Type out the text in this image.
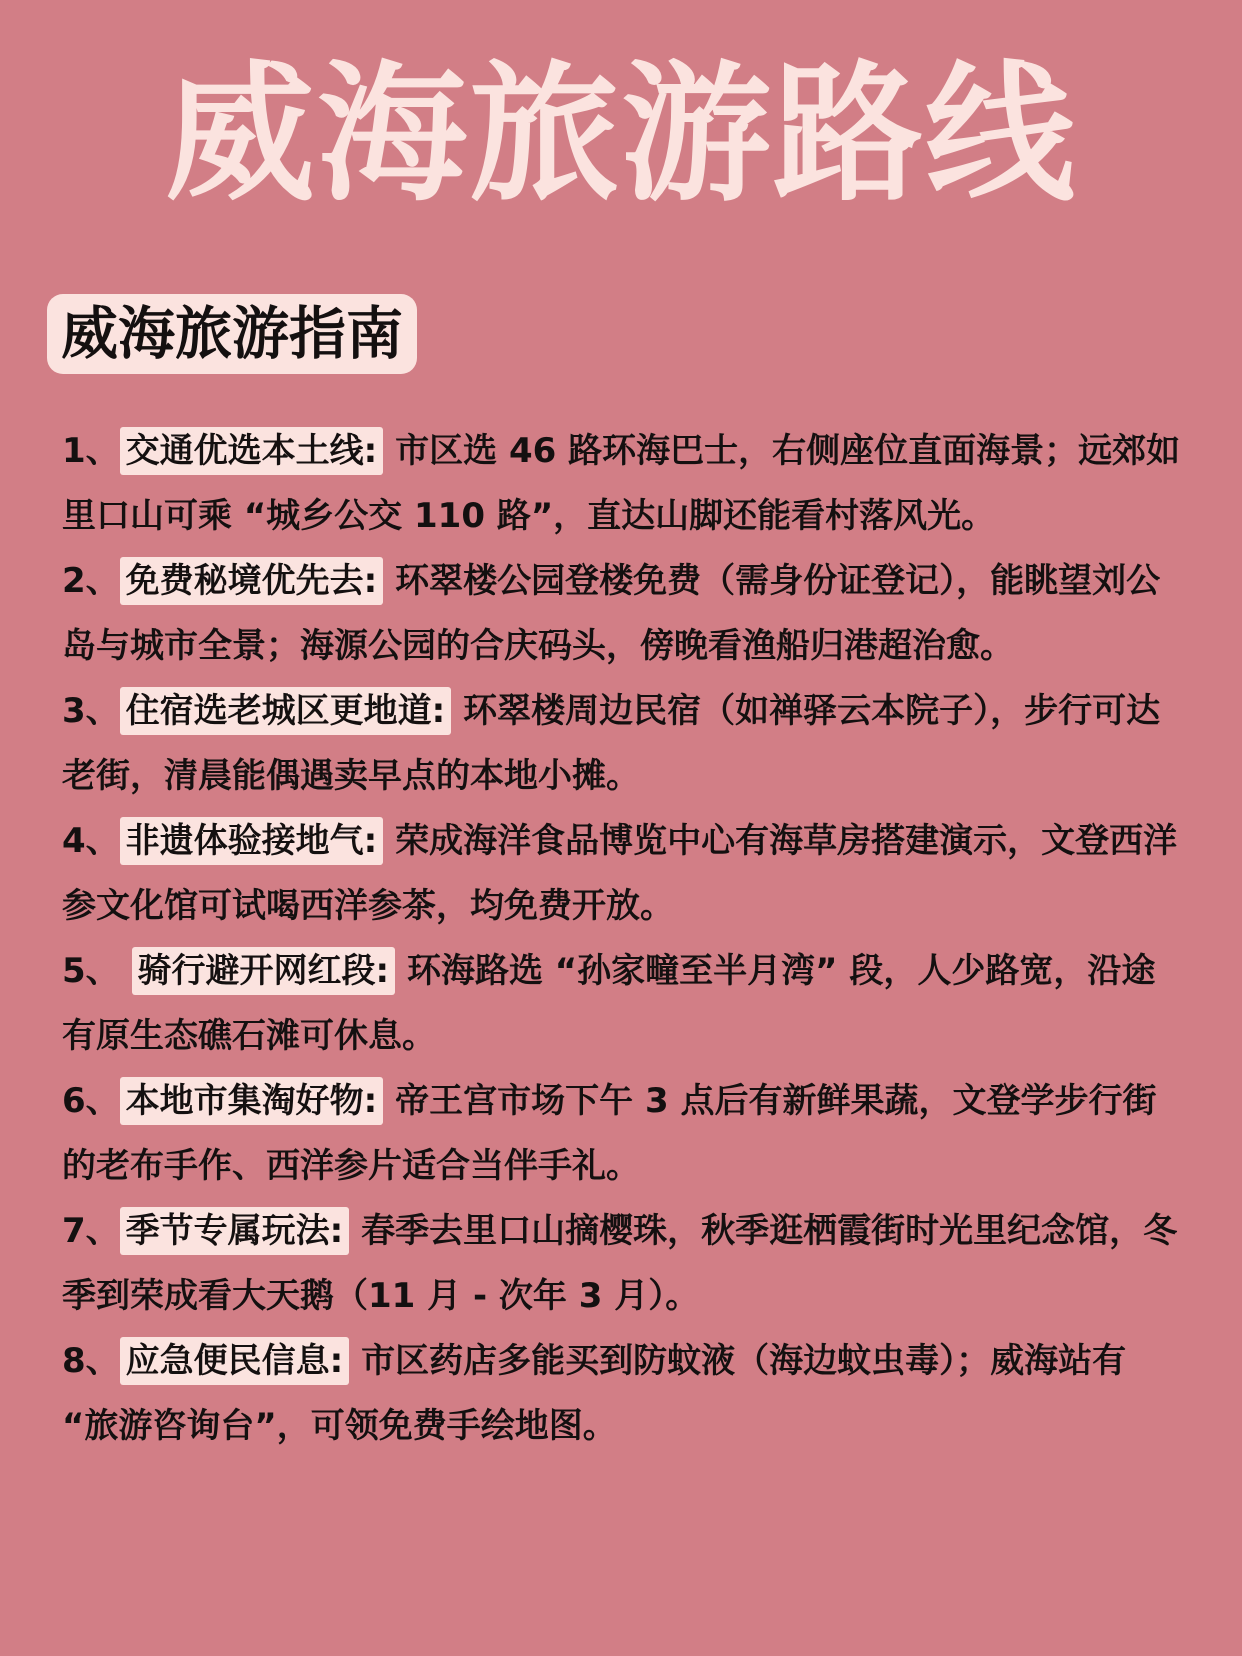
威海旅游路线
威海旅游指南
1、 交通优选本土线: 市区选 46 路环海巴士，右侧座位直面海景；远郊如里口山可乘 “城乡公交 110 路”，直达山脚还能看村落风光。
2、 免费秘境优先去: 环翠楼公园登楼免费（需身份证登记），能眺望刘公岛与城市全景；海源公园的合庆码头，傍晚看渔船归港超治愈。
3、 住宿选老城区更地道: 环翠楼周边民宿（如禅驿云本院子），步行可达老街，清晨能偶遇卖早点的本地小摊。
4、 非遗体验接地气: 荣成海洋食品博览中心有海草房搭建演示，文登西洋参文化馆可试喝西洋参茶，均免费开放。
5、 骑行避开网红段: 环海路选 “孙家疃至半月湾” 段，人少路宽，沿途有原生态礁石滩可休息。
6、 本地市集淘好物: 帝王宫市场下午 3 点后有新鲜果蔬，文登学步行街的老布手作、西洋参片适合当伴手礼。
7、 季节专属玩法: 春季去里口山摘樱珠，秋季逛栖霞街时光里纪念馆，冬季到荣成看大天鹅（11 月 - 次年 3 月）。
8、 应急便民信息: 市区药店多能买到防蚊液（海边蚊虫毒）；威海站有 “旅游咨询台”，可领免费手绘地图。
